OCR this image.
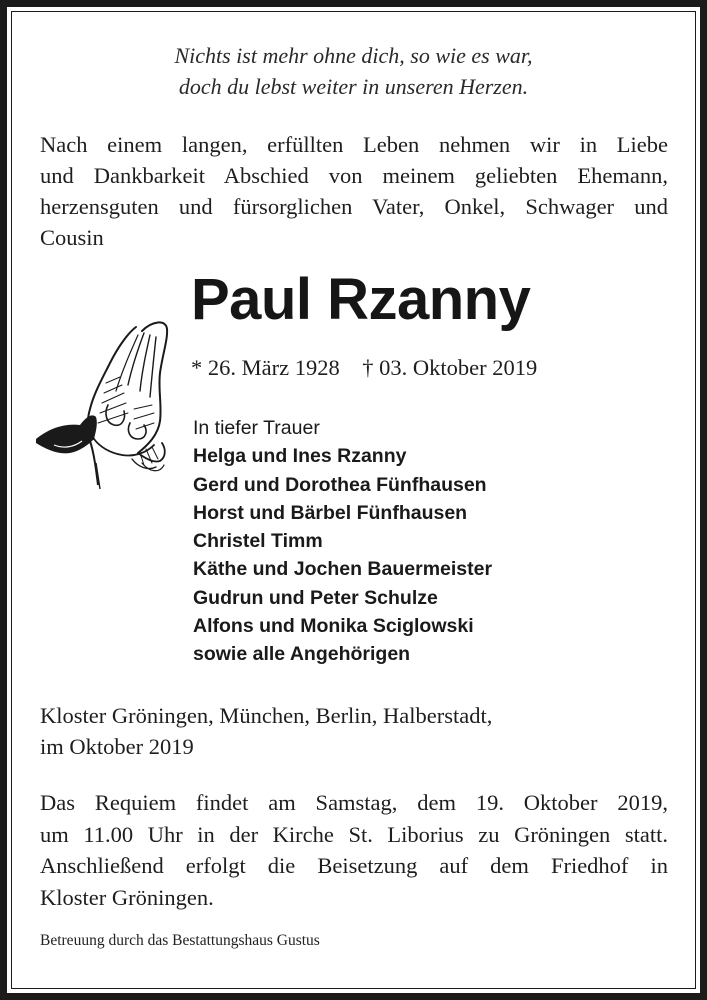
Nichts ist mehr ohne dich, so wie es war,
doch du lebst weiter in unseren Herzen.
Nach einem langen, erfüllten Leben nehmen wir in Liebe
und Dankbarkeit Abschied von meinem geliebten Ehemann,
herzensguten und fürsorglichen Vater, Onkel, Schwager und
Cousin
Paul Rzanny
* 26. März 1928    † 03. Oktober 2019
In tiefer Trauer
Helga und Ines Rzanny
Gerd und Dorothea Fünfhausen
Horst und Bärbel Fünfhausen
Christel Timm
Käthe und Jochen Bauermeister
Gudrun und Peter Schulze
Alfons und Monika Sciglowski
sowie alle Angehörigen
Kloster Gröningen, München, Berlin, Halberstadt,
im Oktober 2019
Das Requiem findet am Samstag, dem 19. Oktober 2019,
um 11.00 Uhr in der Kirche St. Liborius zu Gröningen statt.
Anschließend erfolgt die Beisetzung auf dem Friedhof in
Kloster Gröningen.
Betreuung durch das Bestattungshaus Gustus
